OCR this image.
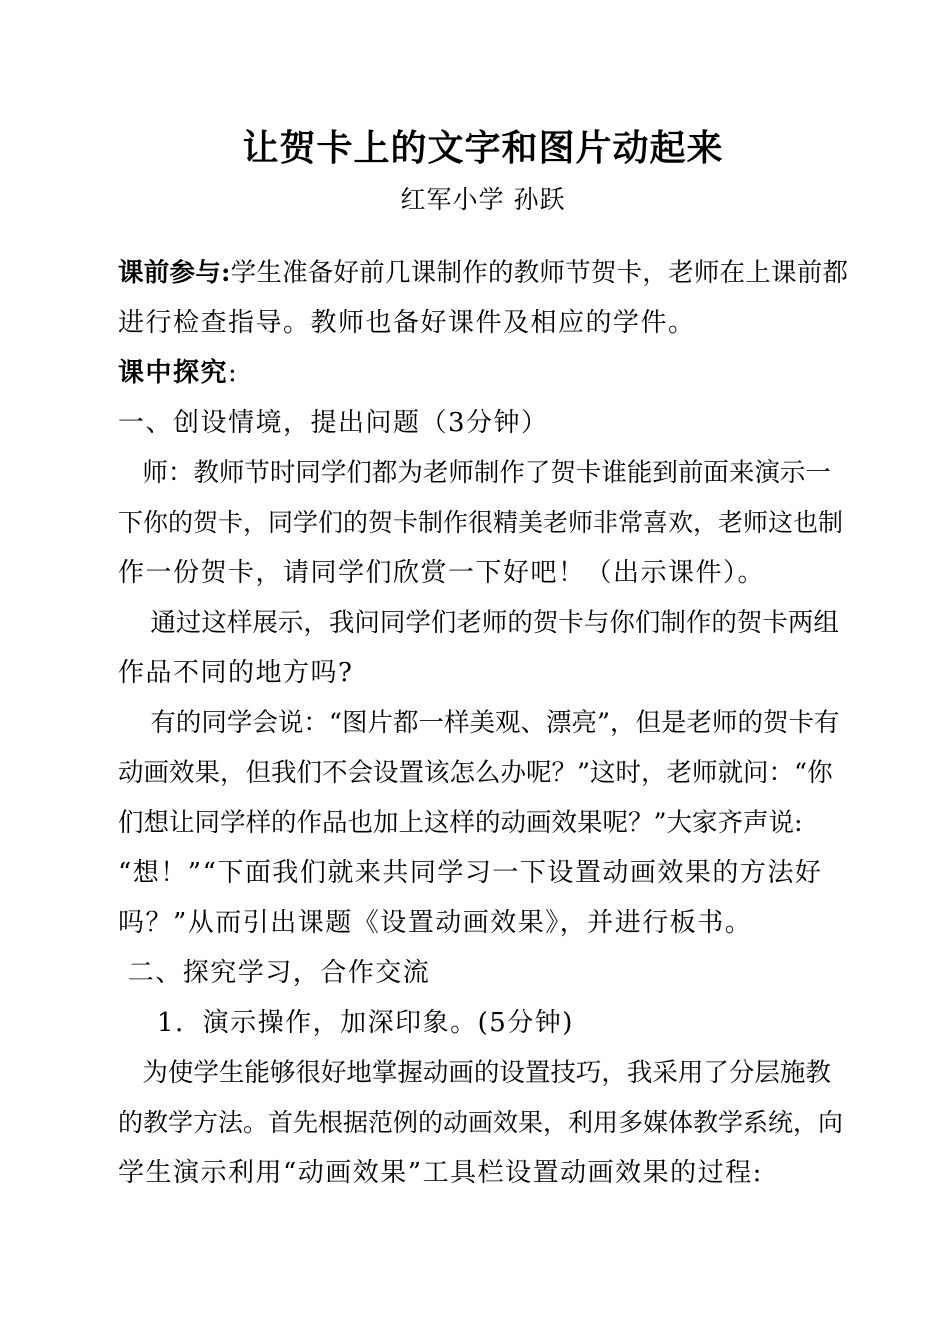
让贺卡上的文字和图片动起来
红军小学 孙跃
课前参与:学生准备好前几课制作的教师节贺卡，老师在上课前都
进行检查指导。教师也备好课件及相应的学件。
课中探究:
一、创设情境，提出问题（3分钟）
师：教师节时同学们都为老师制作了贺卡谁能到前面来演示一
下你的贺卡，同学们的贺卡制作很精美老师非常喜欢，老师这也制
作一份贺卡，请同学们欣赏一下好吧！（出示课件）。
通过这样展示，我问同学们老师的贺卡与你们制作的贺卡两组
作品不同的地方吗?
有的同学会说：“图片都一样美观、漂亮”，但是老师的贺卡有
动画效果，但我们不会设置该怎么办呢？”这时，老师就问：“你
们想让同学样的作品也加上这样的动画效果呢？”大家齐声说:
“想！”“下面我们就来共同学习一下设置动画效果的方法好
吗？”从而引出课题《设置动画效果》，并进行板书。
二、探究学习，合作交流
1．演示操作，加深印象。(5分钟)
为使学生能够很好地掌握动画的设置技巧，我采用了分层施教
的教学方法。首先根据范例的动画效果，利用多媒体教学系统，向
学生演示利用“动画效果”工具栏设置动画效果的过程:
